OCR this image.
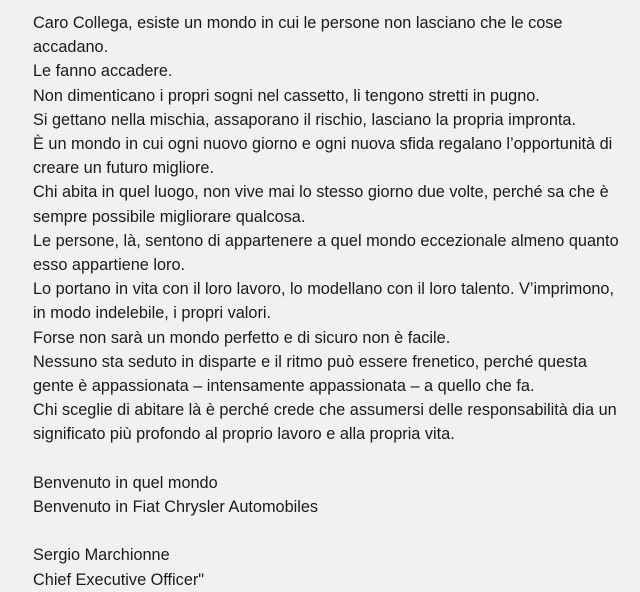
Caro Collega, esiste un mondo in cui le persone non lasciano che le cose
accadano.
Le fanno accadere.
Non dimenticano i propri sogni nel cassetto, li tengono stretti in pugno.
Si gettano nella mischia, assaporano il rischio, lasciano la propria impronta.
È un mondo in cui ogni nuovo giorno e ogni nuova sfida regalano l’opportunità di
creare un futuro migliore.
Chi abita in quel luogo, non vive mai lo stesso giorno due volte, perché sa che è
sempre possibile migliorare qualcosa.
Le persone, là, sentono di appartenere a quel mondo eccezionale almeno quanto
esso appartiene loro.
Lo portano in vita con il loro lavoro, lo modellano con il loro talento. V’imprimono,
in modo indelebile, i propri valori.
Forse non sarà un mondo perfetto e di sicuro non è facile.
Nessuno sta seduto in disparte e il ritmo può essere frenetico, perché questa
gente è appassionata – intensamente appassionata – a quello che fa.
Chi sceglie di abitare là è perché crede che assumersi delle responsabilità dia un
significato più profondo al proprio lavoro e alla propria vita.
Benvenuto in quel mondo
Benvenuto in Fiat Chrysler Automobiles
Sergio Marchionne
Chief Executive Officer"
